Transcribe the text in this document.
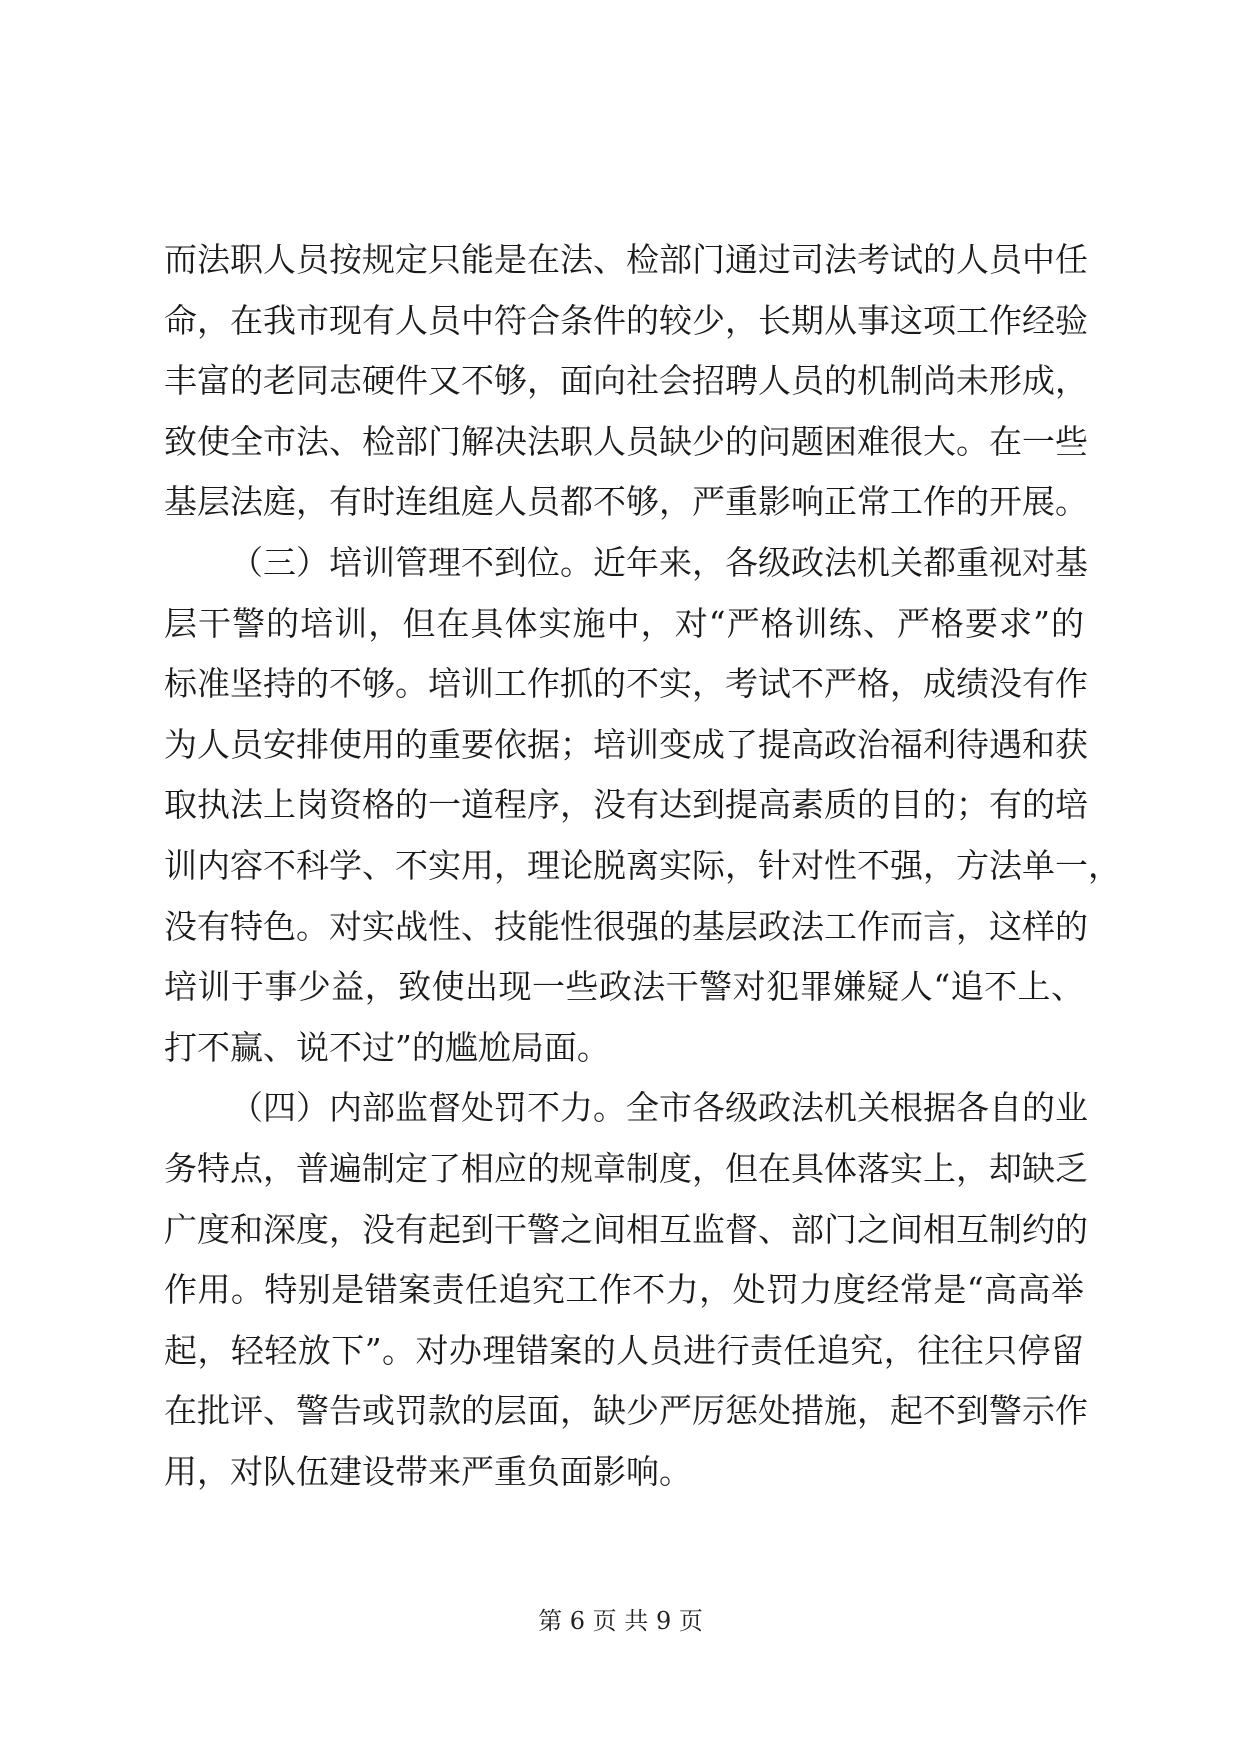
而法职人员按规定只能是在法、检部门通过司法考试的人员中任
命，在我市现有人员中符合条件的较少，长期从事这项工作经验
丰富的老同志硬件又不够，面向社会招聘人员的机制尚未形成，
致使全市法、检部门解决法职人员缺少的问题困难很大。在一些
基层法庭，有时连组庭人员都不够，严重影响正常工作的开展。
（三）培训管理不到位。近年来，各级政法机关都重视对基
层干警的培训，但在具体实施中，对“严格训练、严格要求”的
标准坚持的不够。培训工作抓的不实，考试不严格，成绩没有作
为人员安排使用的重要依据；培训变成了提高政治福利待遇和获
取执法上岗资格的一道程序，没有达到提高素质的目的；有的培
训内容不科学、不实用，理论脱离实际，针对性不强，方法单一，
没有特色。对实战性、技能性很强的基层政法工作而言，这样的
培训于事少益，致使出现一些政法干警对犯罪嫌疑人“追不上、
打不赢、说不过”的尴尬局面。
（四）内部监督处罚不力。全市各级政法机关根据各自的业
务特点，普遍制定了相应的规章制度，但在具体落实上，却缺乏
广度和深度，没有起到干警之间相互监督、部门之间相互制约的
作用。特别是错案责任追究工作不力，处罚力度经常是“高高举
起，轻轻放下”。对办理错案的人员进行责任追究，往往只停留
在批评、警告或罚款的层面，缺少严厉惩处措施，起不到警示作
用，对队伍建设带来严重负面影响。
第 6 页 共 9 页
